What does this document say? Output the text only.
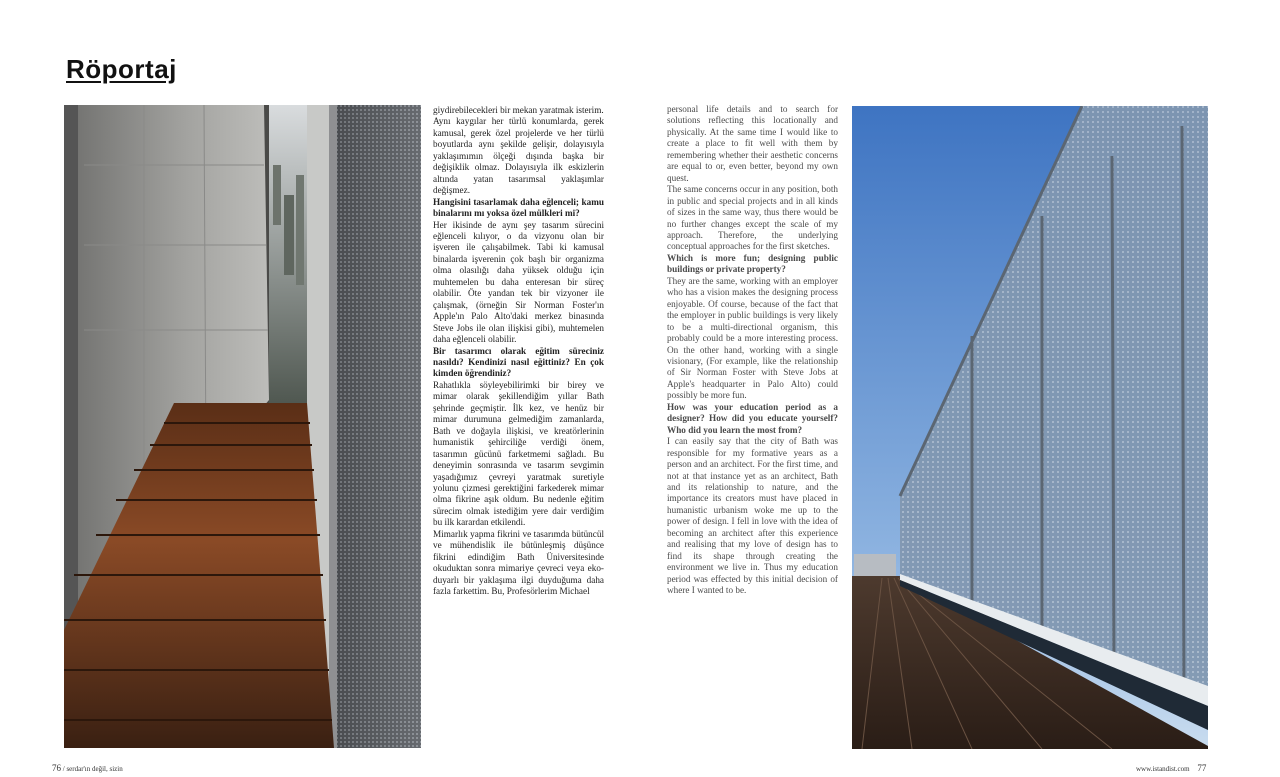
Röportaj

giydirebilecekleri bir mekan yaratmak isterim.

Aynı kaygılar her türlü konumlarda, gerek kamusal, gerek özel projelerde ve her türlü boyutlarda aynı şekilde gelişir, dolayısıyla yaklaşımımın ölçeği dışında başka bir değişiklik olmaz. Dolayısıyla ilk eskizlerin altında yatan tasarımsal yaklaşımlar değişmez.

Hangisini tasarlamak daha eğlenceli; kamu binalarını mı yoksa özel mülkleri mi?

Her ikisinde de aynı şey tasarım sürecini eğlenceli kılıyor, o da vizyonu olan bir işveren ile çalışabilmek. Tabi ki kamusal binalarda işverenin çok başlı bir organizma olma olasılığı daha yüksek olduğu için muhtemelen bu daha enteresan bir süreç olabilir. Öte yandan tek bir vizyoner ile çalışmak, (örneğin Sir Norman Foster'ın Apple'ın Palo Alto'daki merkez binasında Steve Jobs ile olan ilişkisi gibi), muhtemelen daha eğlenceli olabilir.

Bir tasarımcı olarak eğitim süreciniz nasıldı? Kendinizi nasıl eğittiniz? En çok kimden öğrendiniz?

Rahatlıkla söyleyebilirimki bir birey ve mimar olarak şekillendiğim yıllar Bath şehrinde geçmiştir. İlk kez, ve henüz bir mimar durumuna gelmediğim zamanlarda, Bath ve doğayla ilişkisi, ve kreatörlerinin humanistik şehirciliğe verdiği önem, tasarımın gücünü farketmemi sağladı. Bu deneyimin sonrasında ve tasarım sevgimin yaşadığımız çevreyi yaratmak suretiyle yolunu çizmesi gerektiğini farkederek mimar olma fikrine aşık oldum. Bu nedenle eğitim sürecim olmak istediğim yere dair verdiğim bu ilk karardan etkilendi.

Mimarlık yapma fikrini ve tasarımda bütüncül ve mühendislik ile bütünleşmiş düşünce fikrini edindiğim Bath Üniversitesinde okuduktan sonra mimariye çevreci veya eko-duyarlı bir yaklaşıma ilgi duyduğuma daha fazla farkettim. Bu, Profesörlerim Michael

personal life details and to search for solutions reflecting this locationally and physically. At the same time I would like to create a place to fit well with them by remembering whether their aesthetic concerns are equal to or, even better, beyond my own quest.

The same concerns occur in any position, both in public and special projects and in all kinds of sizes in the same way, thus there would be no further changes except the scale of my approach. Therefore, the underlying conceptual approaches for the first sketches.

Which is more fun; designing public buildings or private property?

They are the same, working with an employer who has a vision makes the designing process enjoyable. Of course, because of the fact that the employer in public buildings is very likely to be a multi-directional organism, this probably could be a more interesting process. On the other hand, working with a single visionary, (For example, like the relationship of Sir Norman Foster with Steve Jobs at Apple's headquarter in Palo Alto) could possibly be more fun.

How was your education period as a designer? How did you educate yourself? Who did you learn the most from?

I can easily say that the city of Bath was responsible for my formative years as a person and an architect. For the first time, and not at that instance yet as an architect, Bath and its relationship to nature, and the importance its creators must have placed in humanistic urbanism woke me up to the power of design. I fell in love with the idea of becoming an architect after this experience and realising that my love of design has to find its shape through creating the environment we live in. Thus my education period was effected by this initial decision of where I wanted to be.

76 / serdar'ın değil, sizin	www.istandist.com 77
